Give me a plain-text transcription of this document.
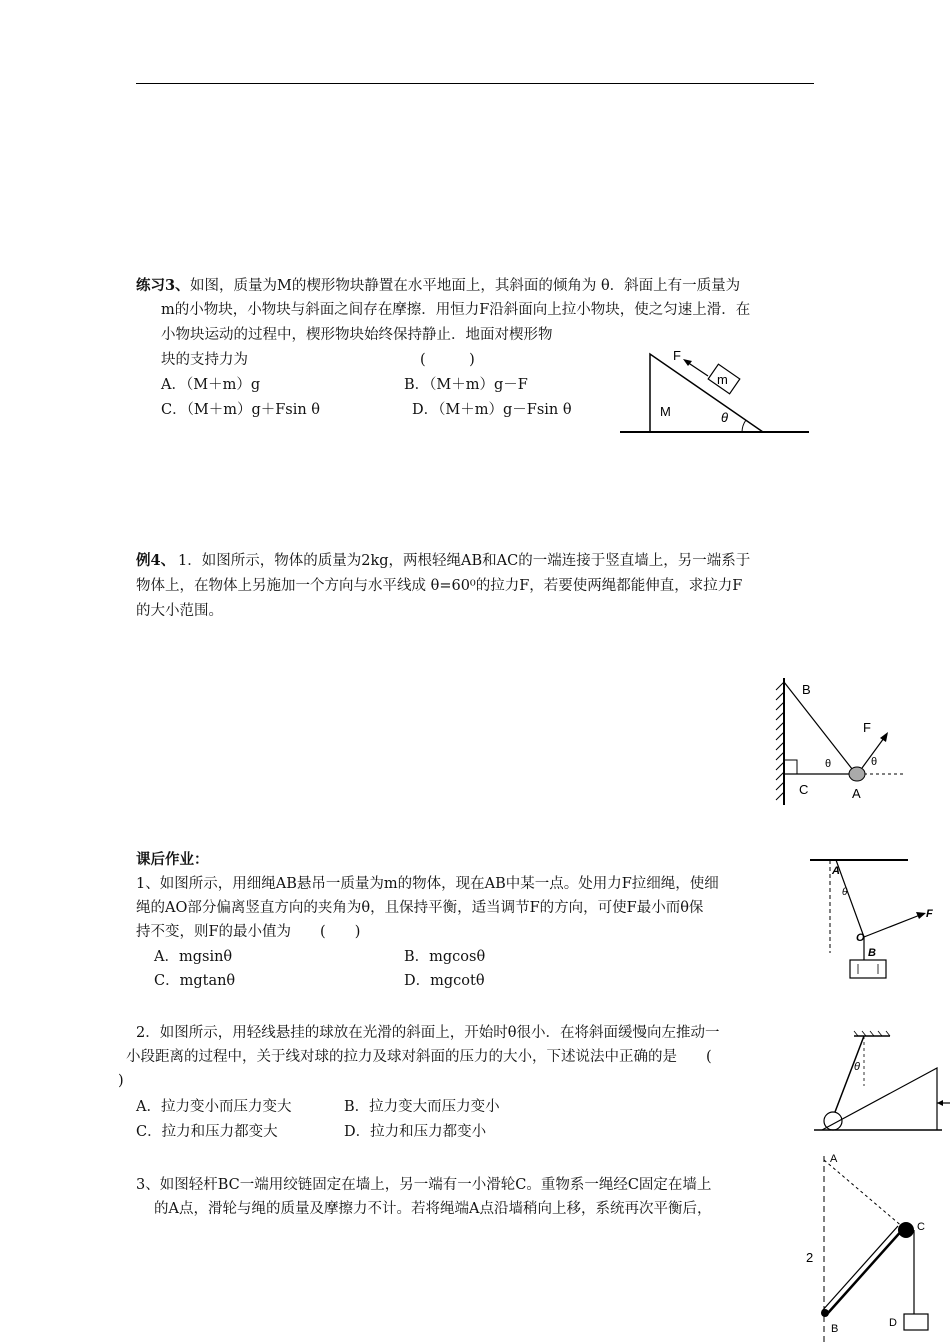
练习3、 如图，质量为M的楔形物块静置在水平地面上，其斜面的倾角为 θ．斜面上有一质量为
m的小物块，小物块与斜面之间存在摩擦．用恒力F沿斜面向上拉小物块，使之匀速上滑．在
小物块运动的过程中，楔形物块始终保持静止．地面对楔形物
块的支持力为	(　　　)
A．（M＋m）g	B．（M＋m）g－F
C．（M＋m）g＋Fsin θ	D．（M＋m）g－Fsin θ
m
F
M	θ
例4、 1．如图所示，物体的质量为2kg，两根轻绳AB和AC的一端连接于竖直墙上，另一端系于
物体上，在物体上另施加一个方向与水平线成 θ=60⁰的拉力F，若要使两绳都能伸直，求拉力F
的大小范围。
B
F
θ	θ
C	A
课后作业：
1、如图所示，用细绳AB悬吊一质量为m的物体，现在AB中某一点。处用力F拉细绳，使细
绳的AO部分偏离竖直方向的夹角为θ，且保持平衡，适当调节F的方向，可使F最小而θ保
持不变，则F的最小值为　　(　　)
A．mgsinθ	B．mgcosθ
C．mgtanθ	D．mgcotθ
A
θ
O
B
F
2．如图所示，用轻线悬挂的球放在光滑的斜面上，开始时θ很小．在将斜面缓慢向左推动一
小段距离的过程中，关于线对球的拉力及球对斜面的压力的大小，下述说法中正确的是　　(
)
A．拉力变小而压力变大	B．拉力变大而压力变小
C．拉力和压力都变大	D．拉力和压力都变小
θ
3、如图轻杆BC一端用绞链固定在墙上，另一端有一小滑轮C。重物系一绳经C固定在墙上
的A点，滑轮与绳的质量及摩擦力不计。若将绳端A点沿墙稍向上移，系统再次平衡后，
A
C
2
D
B
